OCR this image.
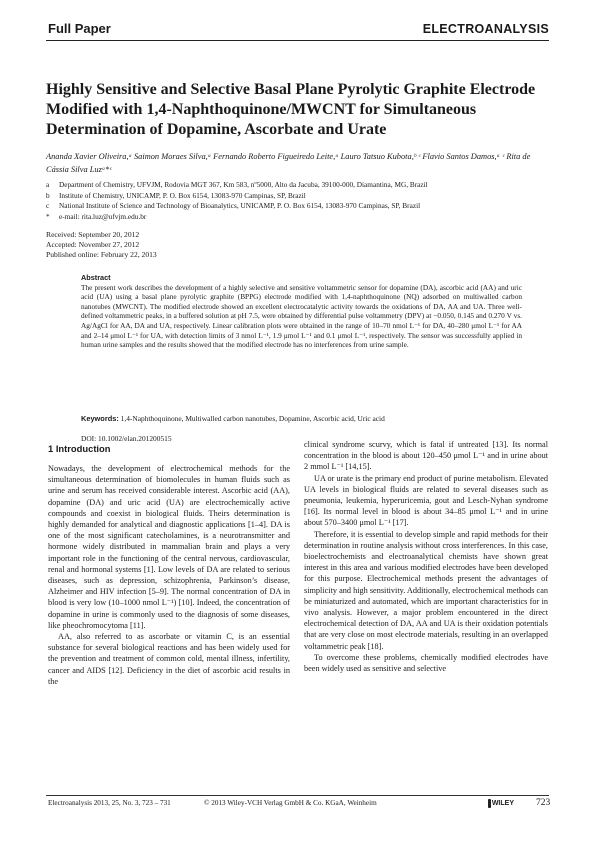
Full Paper	ELECTROANALYSIS
Highly Sensitive and Selective Basal Plane Pyrolytic Graphite Electrode Modified with 1,4-Naphthoquinone/MWCNT for Simultaneous Determination of Dopamine, Ascorbate and Urate
Ananda Xavier Oliveira,ᵃ Saimon Moraes Silva,ᵃ Fernando Roberto Figueiredo Leite,ᵃ Lauro Tatsuo Kubota,ᵇ ᶜ Flavio Santos Damos,ᵃ ᶜ Rita de Cássia Silva Luzᵃ*ᶜ
a	Department of Chemistry, UFVJM, Rodovia MGT 367, Km 583, nº5000, Alto da Jacuba, 39100-000, Diamantina, MG, Brazil
b	Institute of Chemistry, UNICAMP, P. O. Box 6154, 13083-970 Campinas, SP, Brazil
c	National Institute of Science and Technology of Bioanalytics, UNICAMP, P. O. Box 6154, 13083-970 Campinas, SP, Brazil
*	e-mail: rita.luz@ufvjm.edu.br
Received: September 20, 2012
Accepted: November 27, 2012
Published online: February 22, 2013
Abstract
The present work describes the development of a highly selective and sensitive voltammetric sensor for dopamine (DA), ascorbic acid (AA) and uric acid (UA) using a basal plane pyrolytic graphite (BPPG) electrode modified with 1,4-naphthoquinone (NQ) adsorbed on multiwalled carbon nanotubes (MWCNT). The modified electrode showed an excellent electrocatalytic activity towards the oxidations of DA, AA and UA. Three well-defined voltammetric peaks, in a buffered solution at pH 7.5, were obtained by differential pulse voltammetry (DPV) at −0.050, 0.145 and 0.270 V vs. Ag/AgCl for AA, DA and UA, respectively. Linear calibration plots were obtained in the range of 10–70 nmol L⁻¹ for DA, 40–280 μmol L⁻¹ for AA and 2–14 μmol L⁻¹ for UA, with detection limits of 3 nmol L⁻¹, 1.9 μmol L⁻¹ and 0.1 μmol L⁻¹, respectively. The sensor was successfully applied in human urine samples and the results showed that the modified electrode has no interferences from urine sample.
Keywords: 1,4-Naphthoquinone, Multiwalled carbon nanotubes, Dopamine, Ascorbic acid, Uric acid
DOI: 10.1002/elan.201200515
1 Introduction

Nowadays, the development of electrochemical methods for the simultaneous determination of biomolecules in human fluids such as urine and serum has received considerable interest. Ascorbic acid (AA), dopamine (DA) and uric acid (UA) are electrochemically active compounds and coexist in biological fluids. Theirs determination is highly demanded for analytical and diagnostic applications [1–4]. DA is one of the most significant catecholamines, is a neurotransmitter and hormone widely distributed in mammalian brain and plays a very important role in the functioning of the central nervous, cardiovascular, renal and hormonal systems [1]. Low levels of DA are related to serious diseases, such as depression, schizophrenia, Parkinson’s disease, Alzheimer and HIV infection [5–9]. The normal concentration of DA in blood is very low (10–1000 nmol L⁻¹) [10]. Indeed, the concentration of dopamine in urine is commonly used to the diagnosis of some diseases, like pheochromocytoma [11].

AA, also referred to as ascorbate or vitamin C, is an essential substance for several biological reactions and has been widely used for the prevention and treatment of common cold, mental illness, infertility, cancer and AIDS [12]. Deficiency in the diet of ascorbic acid results in the

clinical syndrome scurvy, which is fatal if untreated [13]. Its normal concentration in the blood is about 120–450 μmol L⁻¹ and in urine about 2 mmol L⁻¹ [14,15].

UA or urate is the primary end product of purine metabolism. Elevated UA levels in biological fluids are related to several diseases such as pneumonia, leukemia, hyperuricemia, gout and Lesch-Nyhan syndrome [16]. Its normal level in blood is about 34–85 μmol L⁻¹ and in urine about 570–3400 μmol L⁻¹ [17].

Therefore, it is essential to develop simple and rapid methods for their determination in routine analysis without cross interferences. In this case, bioelectrochemists and electroanalytical chemists have shown great interest in this area and various modified electrodes have been developed for this purpose. Electrochemical methods present the advantages of simplicity and high sensitivity. Additionally, electrochemical methods can be miniaturized and automated, which are important characteristics for in vivo analysis. However, a major problem encountered in the direct electrochemical detection of DA, AA and UA is their oxidation potentials that are very close on most electrode materials, resulting in an overlapped voltammetric peak [18].

To overcome these problems, chemically modified electrodes have been widely used as sensitive and selective

Electroanalysis 2013, 25, No. 3, 723 – 731	© 2013 Wiley-VCH Verlag GmbH & Co. KGaA, Weinheim	WILEY 723
